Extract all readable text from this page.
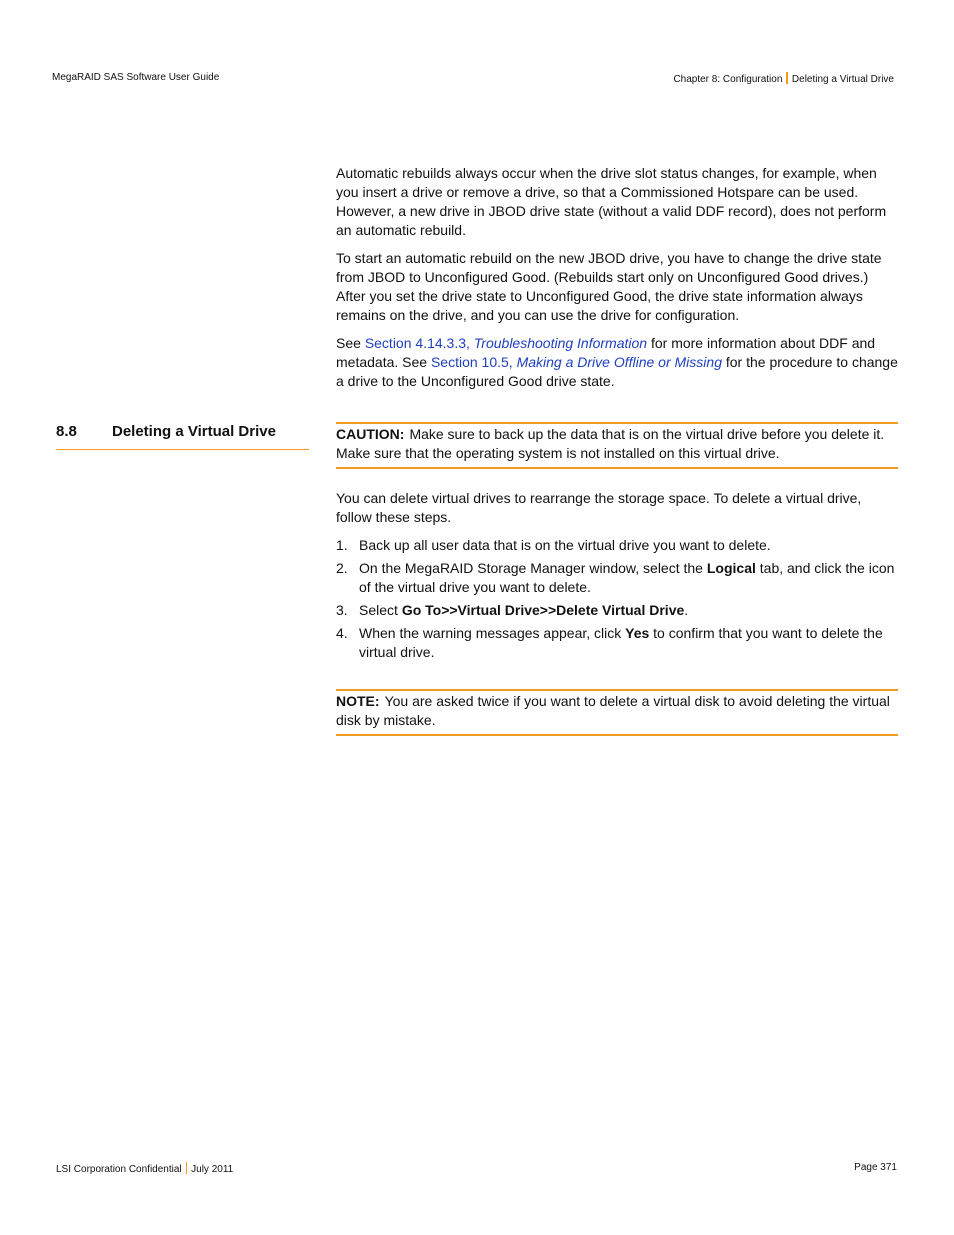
MegaRAID SAS Software User Guide	Chapter 8: Configuration Deleting a Virtual Drive

Automatic rebuilds always occur when the drive slot status changes, for example, when you insert a drive or remove a drive, so that a Commissioned Hotspare can be used. However, a new drive in JBOD drive state (without a valid DDF record), does not perform an automatic rebuild.

To start an automatic rebuild on the new JBOD drive, you have to change the drive state from JBOD to Unconfigured Good. (Rebuilds start only on Unconfigured Good drives.) After you set the drive state to Unconfigured Good, the drive state information always remains on the drive, and you can use the drive for configuration.

See Section 4.14.3.3, Troubleshooting Information for more information about DDF and metadata. See Section 10.5, Making a Drive Offline or Missing for the procedure to change a drive to the Unconfigured Good drive state.

8.8 Deleting a Virtual Drive	CAUTION: Make sure to back up the data that is on the virtual drive before you delete it. Make sure that the operating system is not installed on this virtual drive.

You can delete virtual drives to rearrange the storage space. To delete a virtual drive, follow these steps.

1. Back up all user data that is on the virtual drive you want to delete.
2. On the MegaRAID Storage Manager window, select the Logical tab, and click the icon of the virtual drive you want to delete.
3. Select Go To>>Virtual Drive>>Delete Virtual Drive.
4. When the warning messages appear, click Yes to confirm that you want to delete the virtual drive.
NOTE: You are asked twice if you want to delete a virtual disk to avoid deleting the virtual disk by mistake.
LSI Corporation Confidential July 2011	Page 371
